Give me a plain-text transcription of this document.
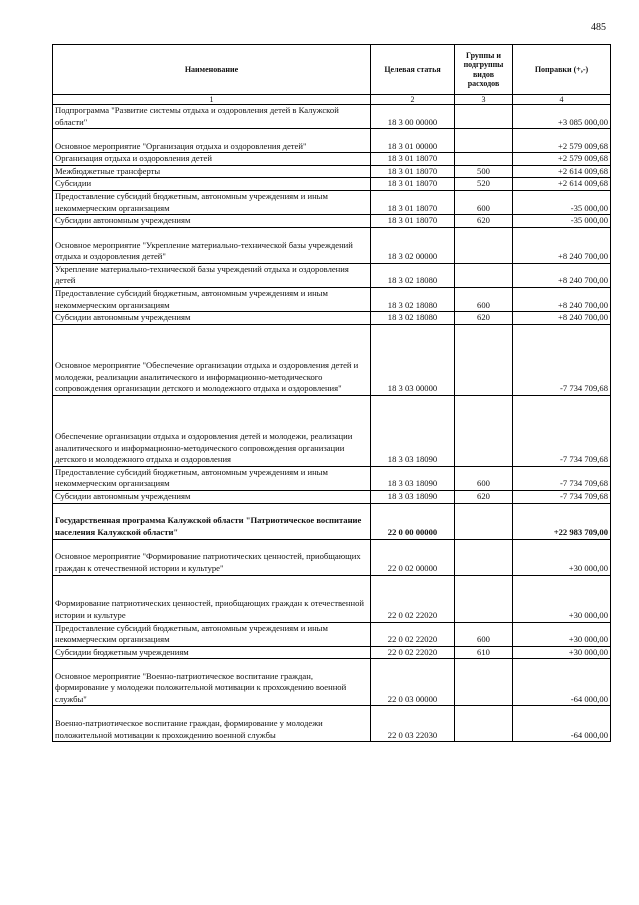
485
Наименование	Целевая статья	Группы и подгруппы видов расходов	Поправки (+,-)
1	2	3	4
Подпрограмма "Развитие системы отдыха и оздоровления детей в Калужской области"	18 3 00 00000		+3 085 000,00
Основное мероприятие "Организация отдыха и оздоровления детей"	18 3 01 00000		+2 579 009,68
Организация отдыха и оздоровления детей	18 3 01 18070		+2 579 009,68
Межбюджетные трансферты	18 3 01 18070	500	+2 614 009,68
Субсидии	18 3 01 18070	520	+2 614 009,68
Предоставление субсидий бюджетным, автономным учреждениям и иным некоммерческим организациям	18 3 01 18070	600	-35 000,00
Субсидии автономным учреждениям	18 3 01 18070	620	-35 000,00
Основное мероприятие "Укрепление материально-технической базы учреждений отдыха и оздоровления детей"	18 3 02 00000		+8 240 700,00
Укрепление материально-технической базы учреждений отдыха и оздоровления детей	18 3 02 18080		+8 240 700,00
Предоставление субсидий бюджетным, автономным учреждениям и иным некоммерческим организациям	18 3 02 18080	600	+8 240 700,00
Субсидии автономным учреждениям	18 3 02 18080	620	+8 240 700,00
Основное мероприятие "Обеспечение организации отдыха и оздоровления детей и молодежи, реализации аналитического и информационно-методического сопровождения организации детского и молодежного отдыха и оздоровления"	18 3 03 00000		-7 734 709,68
Обеспечение организации отдыха и оздоровления детей и молодежи, реализации аналитического и информационно-методического сопровождения организации детского и молодежного отдыха и оздоровления	18 3 03 18090		-7 734 709,68
Предоставление субсидий бюджетным, автономным учреждениям и иным некоммерческим организациям	18 3 03 18090	600	-7 734 709,68
Субсидии автономным учреждениям	18 3 03 18090	620	-7 734 709,68
Государственная программа Калужской области "Патриотическое воспитание населения Калужской области"	22 0 00 00000		+22 983 709,00
Основное мероприятие "Формирование патриотических ценностей, приобщающих граждан к отечественной истории и культуре"	22 0 02 00000		+30 000,00
Формирование патриотических ценностей, приобщающих граждан к отечественной истории и культуре	22 0 02 22020		+30 000,00
Предоставление субсидий бюджетным, автономным учреждениям и иным некоммерческим организациям	22 0 02 22020	600	+30 000,00
Субсидии бюджетным учреждениям	22 0 02 22020	610	+30 000,00
Основное мероприятие "Военно-патриотическое воспитание граждан, формирование у молодежи положительной мотивации к прохождению военной службы"	22 0 03 00000		-64 000,00
Военно-патриотическое воспитание граждан, формирование у молодежи положительной мотивации к прохождению военной службы	22 0 03 22030		-64 000,00
